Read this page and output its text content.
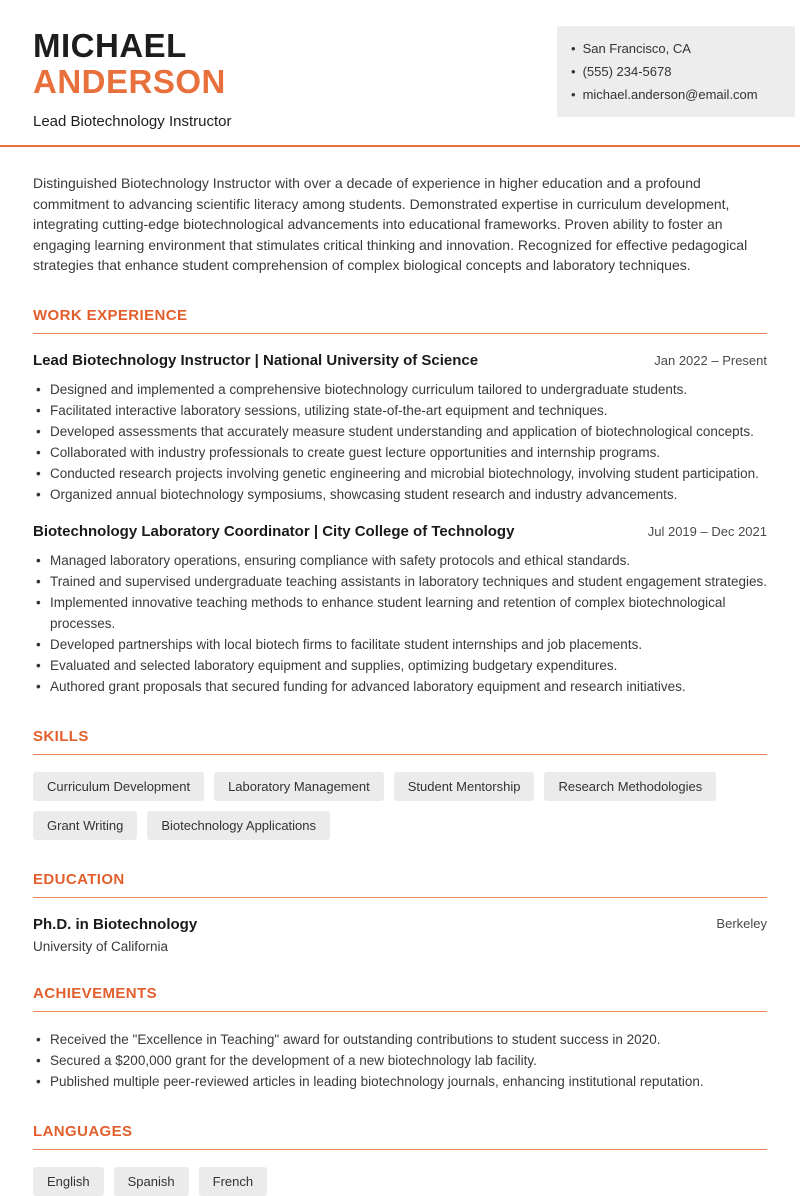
MICHAEL
ANDERSON
Lead Biotechnology Instructor
• San Francisco, CA
• (555) 234-5678
• michael.anderson@email.com

Distinguished Biotechnology Instructor with over a decade of experience in higher education and a profound commitment to advancing scientific literacy among students. Demonstrated expertise in curriculum development, integrating cutting-edge biotechnological advancements into educational frameworks. Proven ability to foster an engaging learning environment that stimulates critical thinking and innovation. Recognized for effective pedagogical strategies that enhance student comprehension of complex biological concepts and laboratory techniques.

WORK EXPERIENCE
Lead Biotechnology Instructor | National University of Science	Jan 2022 – Present
• Designed and implemented a comprehensive biotechnology curriculum tailored to undergraduate students.
• Facilitated interactive laboratory sessions, utilizing state-of-the-art equipment and techniques.
• Developed assessments that accurately measure student understanding and application of biotechnological concepts.
• Collaborated with industry professionals to create guest lecture opportunities and internship programs.
• Conducted research projects involving genetic engineering and microbial biotechnology, involving student participation.
• Organized annual biotechnology symposiums, showcasing student research and industry advancements.
Biotechnology Laboratory Coordinator | City College of Technology	Jul 2019 – Dec 2021
• Managed laboratory operations, ensuring compliance with safety protocols and ethical standards.
• Trained and supervised undergraduate teaching assistants in laboratory techniques and student engagement strategies.
• Implemented innovative teaching methods to enhance student learning and retention of complex biotechnological processes.
• Developed partnerships with local biotech firms to facilitate student internships and job placements.
• Evaluated and selected laboratory equipment and supplies, optimizing budgetary expenditures.
• Authored grant proposals that secured funding for advanced laboratory equipment and research initiatives.
SKILLS
Curriculum Development	Laboratory Management	Student Mentorship	Research Methodologies
Grant Writing	Biotechnology Applications
EDUCATION
Ph.D. in Biotechnology
University of California
Berkeley
ACHIEVEMENTS
• Received the "Excellence in Teaching" award for outstanding contributions to student success in 2020.
• Secured a $200,000 grant for the development of a new biotechnology lab facility.
• Published multiple peer-reviewed articles in leading biotechnology journals, enhancing institutional reputation.
LANGUAGES
English	Spanish	French
